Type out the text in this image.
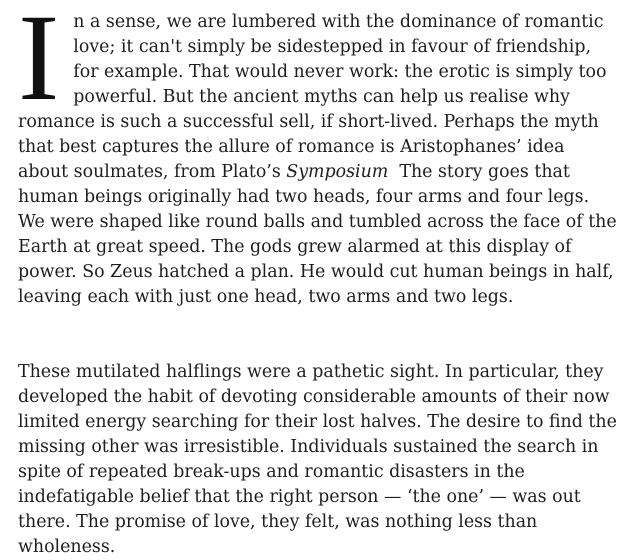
In a sense, we are lumbered with the dominance of romantic love; it can't simply be sidestepped in favour of friendship, for example. That would never work: the erotic is simply too powerful. But the ancient myths can help us realise why romance is such a successful sell, if short-lived. Perhaps the myth that best captures the allure of romance is Aristophanes’ idea about soulmates, from Plato’s Symposium  The story goes that human beings originally had two heads, four arms and four legs. We were shaped like round balls and tumbled across the face of the Earth at great speed. The gods grew alarmed at this display of power. So Zeus hatched a plan. He would cut human beings in half, leaving each with just one head, two arms and two legs.

These mutilated halflings were a pathetic sight. In particular, they developed the habit of devoting considerable amounts of their now limited energy searching for their lost halves. The desire to find the missing other was irresistible. Individuals sustained the search in spite of repeated break-ups and romantic disasters in the indefatigable belief that the right person — ‘the one’ — was out there. The promise of love, they felt, was nothing less than wholeness.
